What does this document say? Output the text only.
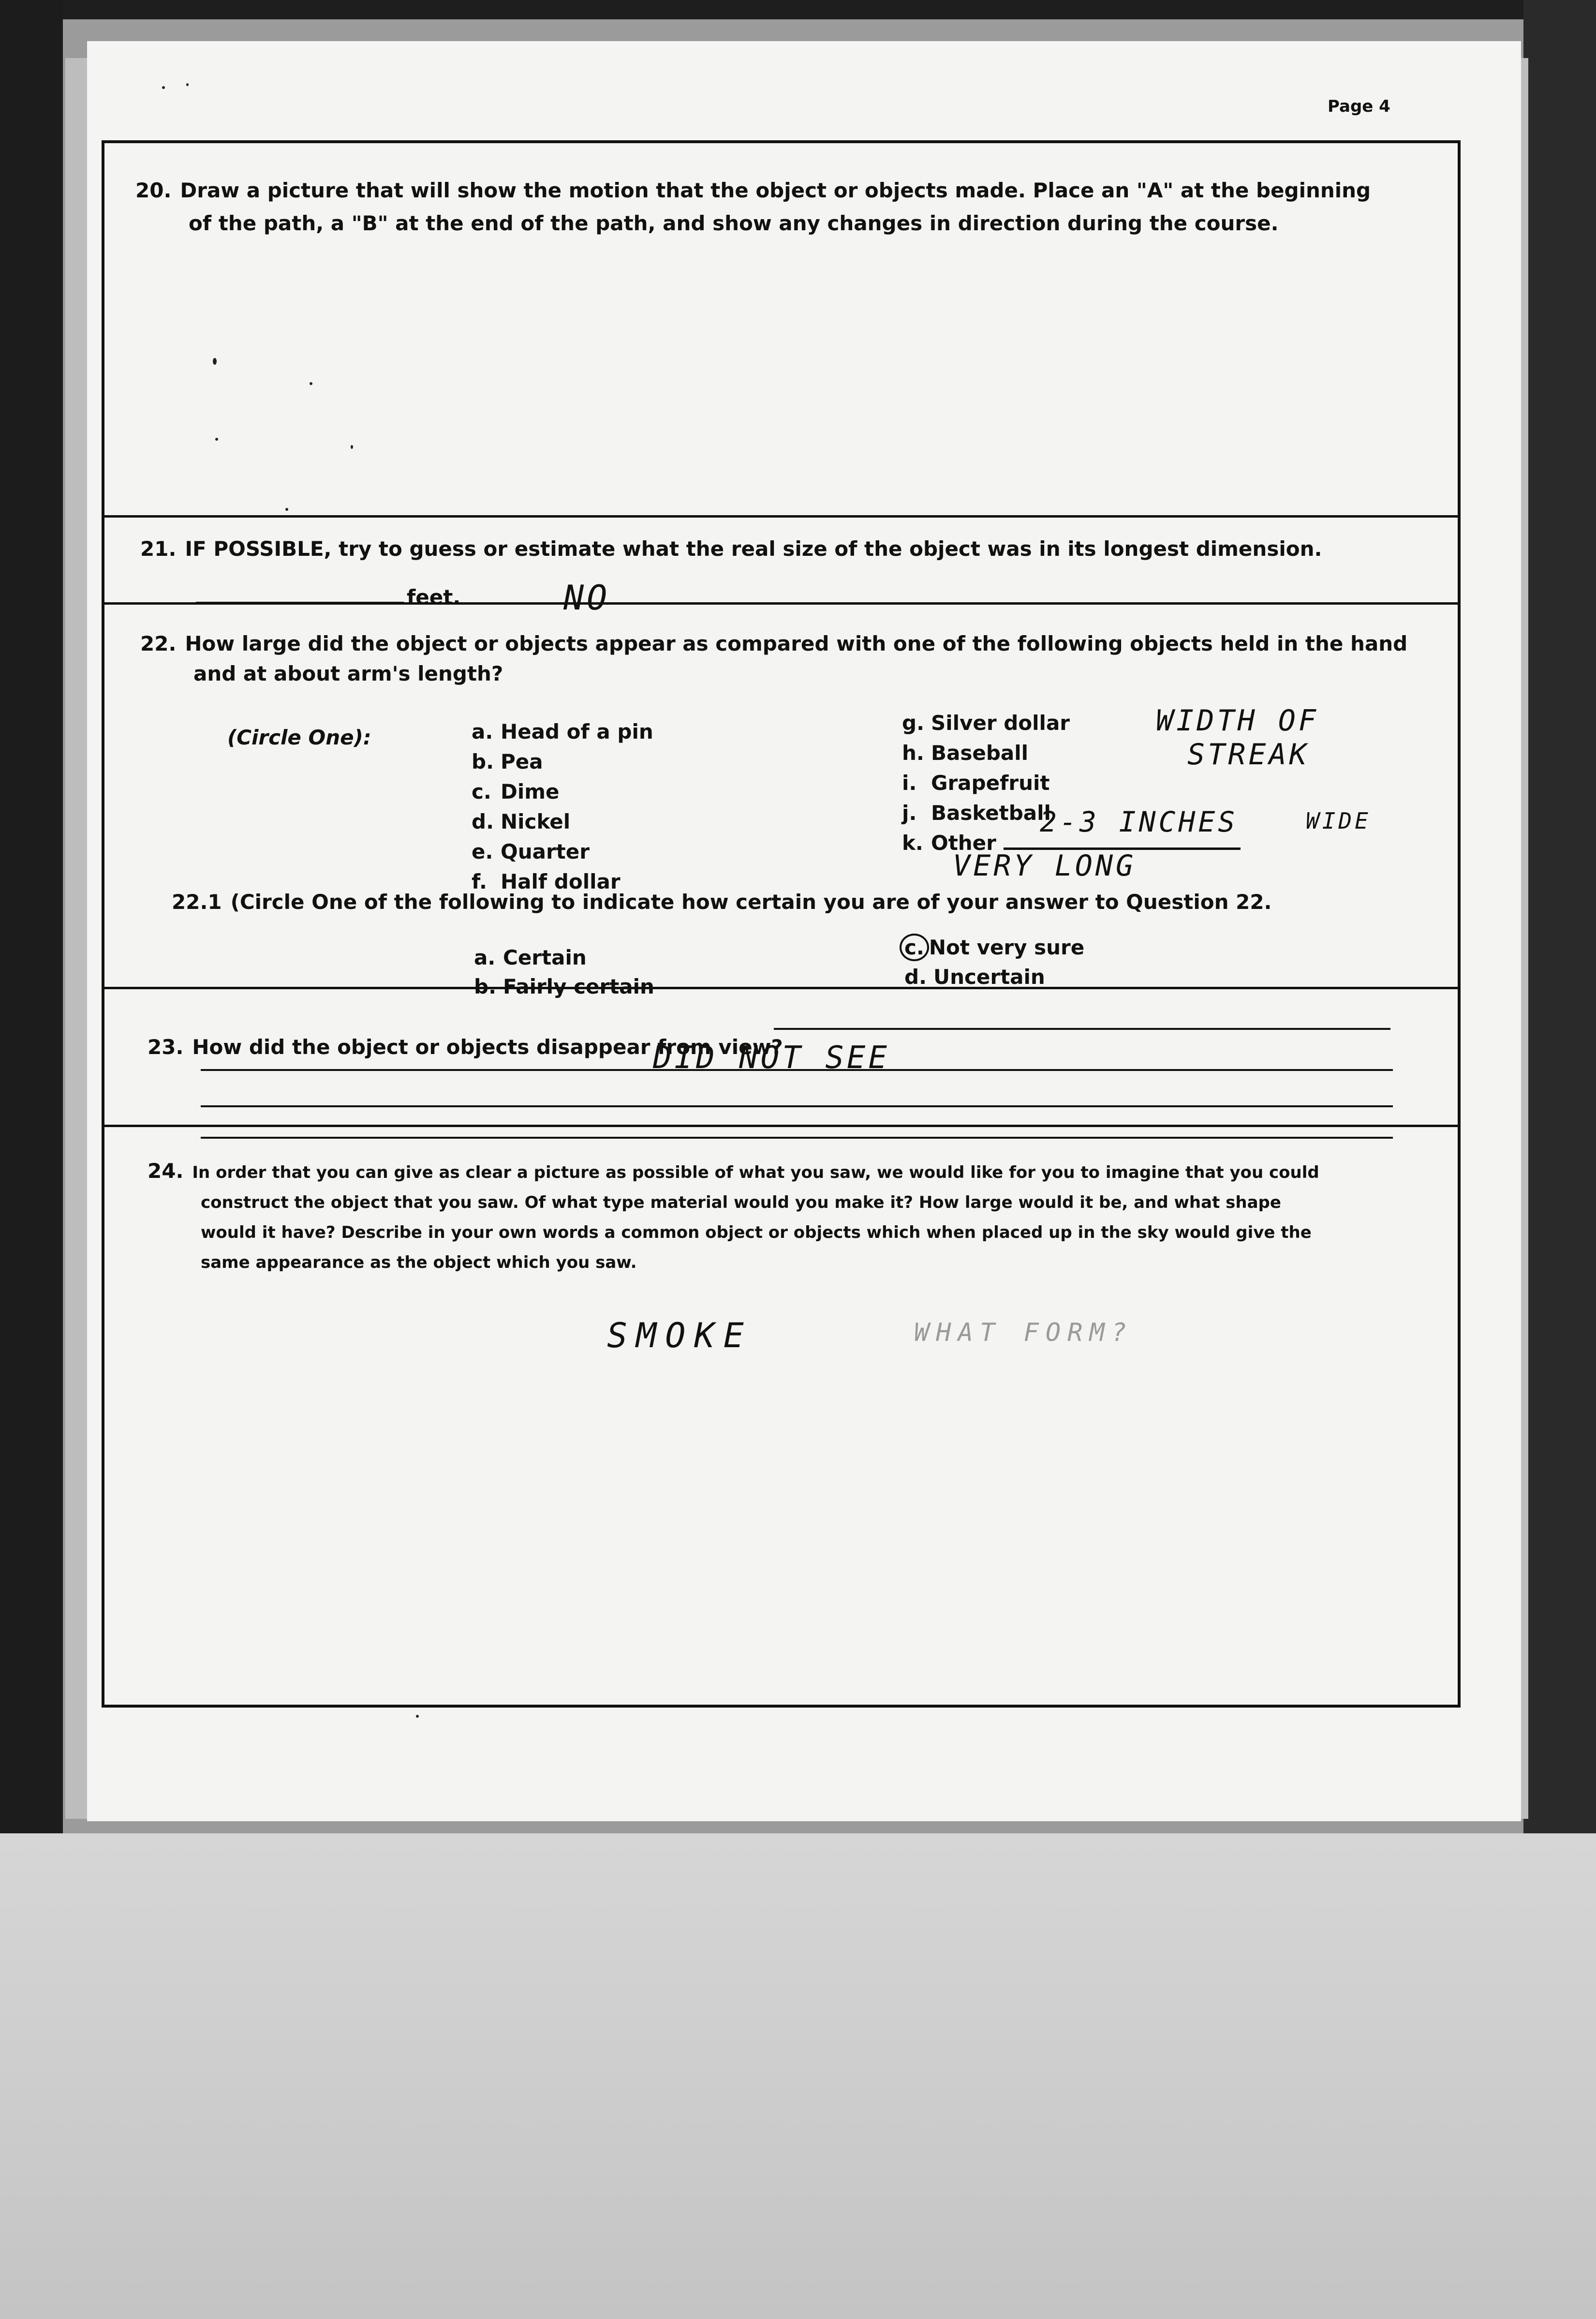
Page 4
20. Draw a picture that will show the motion that the object or objects made. Place an "A" at the beginning
of the path, a "B" at the end of the path, and show any changes in direction during the course.
21. IF POSSIBLE, try to guess or estimate what the real size of the object was in its longest dimension.
feet.	NO
22. How large did the object or objects appear as compared with one of the following objects held in the hand
and at about arm's length?
(Circle One):	a. Head of a pin
b. Pea
c. Dime
d. Nickel
e. Quarter
f. Half dollar
g. Silver dollar
h. Baseball
i. Grapefruit
j. Basketball
k. Other
WIDTH OF
STREAK
2-3 INCHES	WIDE
VERY LONG
22.1 (Circle One of the following to indicate how certain you are of your answer to Question 22.
a. Certain
b. Fairly certain
c. Not very sure
d. Uncertain
23. How did the object or objects disappear from view?
DID NOT SEE
24. In order that you can give as clear a picture as possible of what you saw, we would like for you to imagine that you could
construct the object that you saw. Of what type material would you make it? How large would it be, and what shape
would it have? Describe in your own words a common object or objects which when placed up in the sky would give the
same appearance as the object which you saw.
SMOKE	WHAT FORM?
